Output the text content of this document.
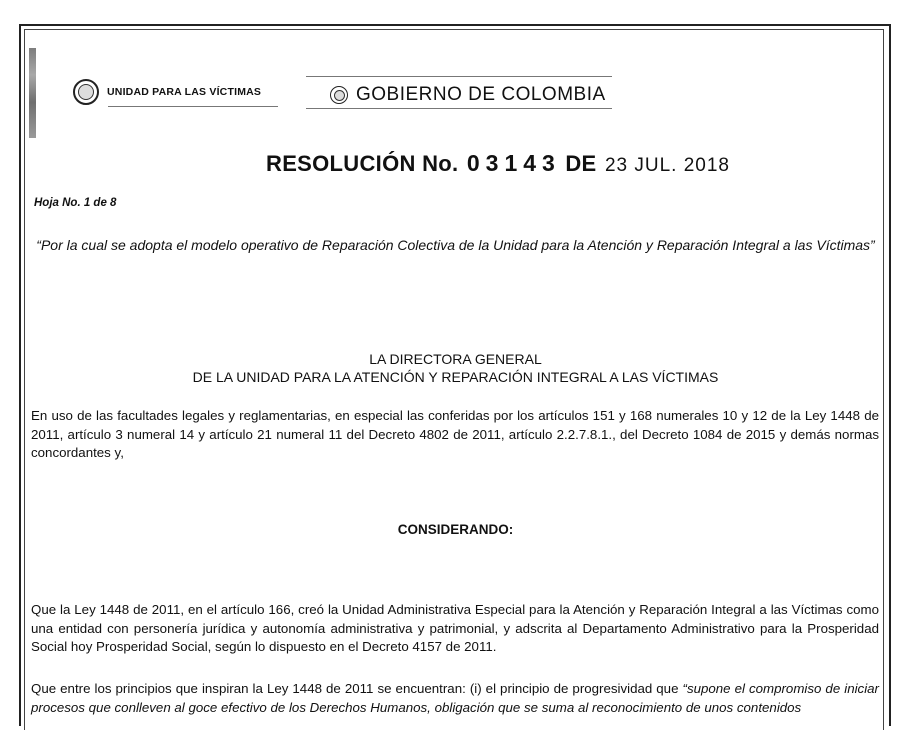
UNIDAD PARA LAS VÍCTIMAS	GOBIERNO DE COLOMBIA
RESOLUCIÓN No. 03143 DE 23 JUL. 2018
Hoja No. 1 de 8
“Por la cual se adopta el modelo operativo de Reparación Colectiva de la Unidad para la Atención y Reparación Integral a las Víctimas”
LA DIRECTORA GENERAL
DE LA UNIDAD PARA LA ATENCIÓN Y REPARACIÓN INTEGRAL A LAS VÍCTIMAS
En uso de las facultades legales y reglamentarias, en especial las conferidas por los artículos 151 y 168 numerales 10 y 12 de la Ley 1448 de 2011, artículo 3 numeral 14 y artículo 21 numeral 11 del Decreto 4802 de 2011, artículo 2.2.7.8.1., del Decreto 1084 de 2015 y demás normas concordantes y,
CONSIDERANDO:
Que la Ley 1448 de 2011, en el artículo 166, creó la Unidad Administrativa Especial para la Atención y Reparación Integral a las Víctimas como una entidad con personería jurídica y autonomía administrativa y patrimonial, y adscrita al Departamento Administrativo para la Prosperidad Social hoy Prosperidad Social, según lo dispuesto en el Decreto 4157 de 2011.
Que entre los principios que inspiran la Ley 1448 de 2011 se encuentran: (i) el principio de progresividad que “supone el compromiso de iniciar procesos que conlleven al goce efectivo de los Derechos Humanos, obligación que se suma al reconocimiento de unos contenidos
